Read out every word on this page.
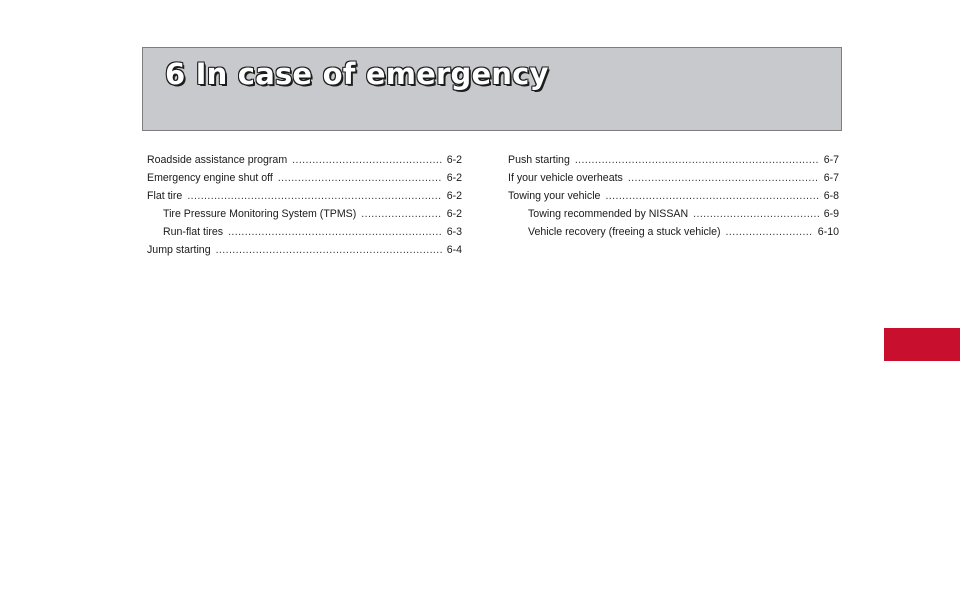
6 In case of emergency
Roadside assistance program .....	6-2
Emergency engine shut off .....	6-2
Flat tire .....	6-2
Tire Pressure Monitoring System (TPMS) .....	6-2
Run-flat tires .....	6-3
Jump starting .....	6-4
Push starting .....	6-7
If your vehicle overheats .....	6-7
Towing your vehicle .....	6-8
Towing recommended by NISSAN .....	6-9
Vehicle recovery (freeing a stuck vehicle) .....	6-10
